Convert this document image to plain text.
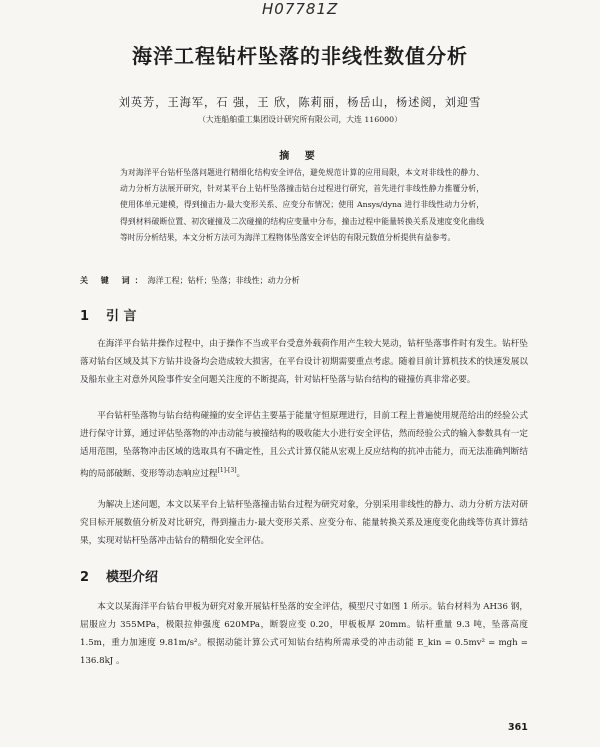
H07781Z
海洋工程钻杆坠落的非线性数值分析
刘英芳，王海军，石 强，王 欣，陈莉丽，杨岳山，杨述阅，刘迎雪
（大连船舶重工集团设计研究所有限公司，大连 116000）
摘 要
为对海洋平台钻杆坠落问题进行精细化结构安全评估，避免规范计算的应用局限，本文对非线性的静力、动力分析方法展开研究，针对某平台上钻杆坠落撞击钻台过程进行研究，首先进行非线性静力推覆分析，使用体单元建模，得到撞击力-最大变形关系、应变分布情况；使用 Ansys/dyna 进行非线性动力分析，得到材料破断位置、初次碰撞及二次碰撞的结构应变量中分布，撞击过程中能量转换关系及速度变化曲线等时历分析结果，本文分析方法可为海洋工程物体坠落安全评估的有限元数值分析提供有益参考。
关 键 词：海洋工程；钻杆；坠落；非线性；动力分析
1 引 言
在海洋平台钻井操作过程中，由于操作不当或平台受意外载荷作用产生较大晃动，钻杆坠落事件时有发生。钻杆坠落对钻台区域及其下方钻井设备均会造成较大损害，在平台设计初期需要重点考虑。随着目前计算机技术的快速发展以及船东业主对意外风险事件安全问题关注度的不断提高，针对钻杆坠落与钻台结构的碰撞仿真非常必要。
平台钻杆坠落物与钻台结构碰撞的安全评估主要基于能量守恒原理进行，目前工程上普遍使用规范给出的经验公式进行保守计算，通过评估坠落物的冲击动能与被撞结构的吸收能大小进行安全评估，然而经验公式的输入参数具有一定适用范围，坠落物冲击区域的选取具有不确定性，且公式计算仅能从宏观上反应结构的抗冲击能力，而无法准确判断结构的局部破断、变形等动态响应过程[1]-[3]。
为解决上述问题，本文以某平台上钻杆坠落撞击钻台过程为研究对象，分别采用非线性的静力、动力分析方法对研究目标开展数值分析及对比研究，得到撞击力-最大变形关系、应变分布、能量转换关系及速度变化曲线等仿真计算结果，实现对钻杆坠落冲击钻台的精细化安全评估。
2 模型介绍
本文以某海洋平台钻台甲板为研究对象开展钻杆坠落的安全评估，模型尺寸如图 1 所示。钻台材料为 AH36 钢，屈服应力 355MPa，极限拉伸强度 620MPa，断裂应变 0.20，甲板板厚 20mm。钻杆重量 9.3 吨，坠落高度 1.5m，重力加速度 9.81m/s²。根据动能计算公式可知钻台结构所需承受的冲击动能 E_kin = 0.5mv² = mgh = 136.8kJ 。
361
